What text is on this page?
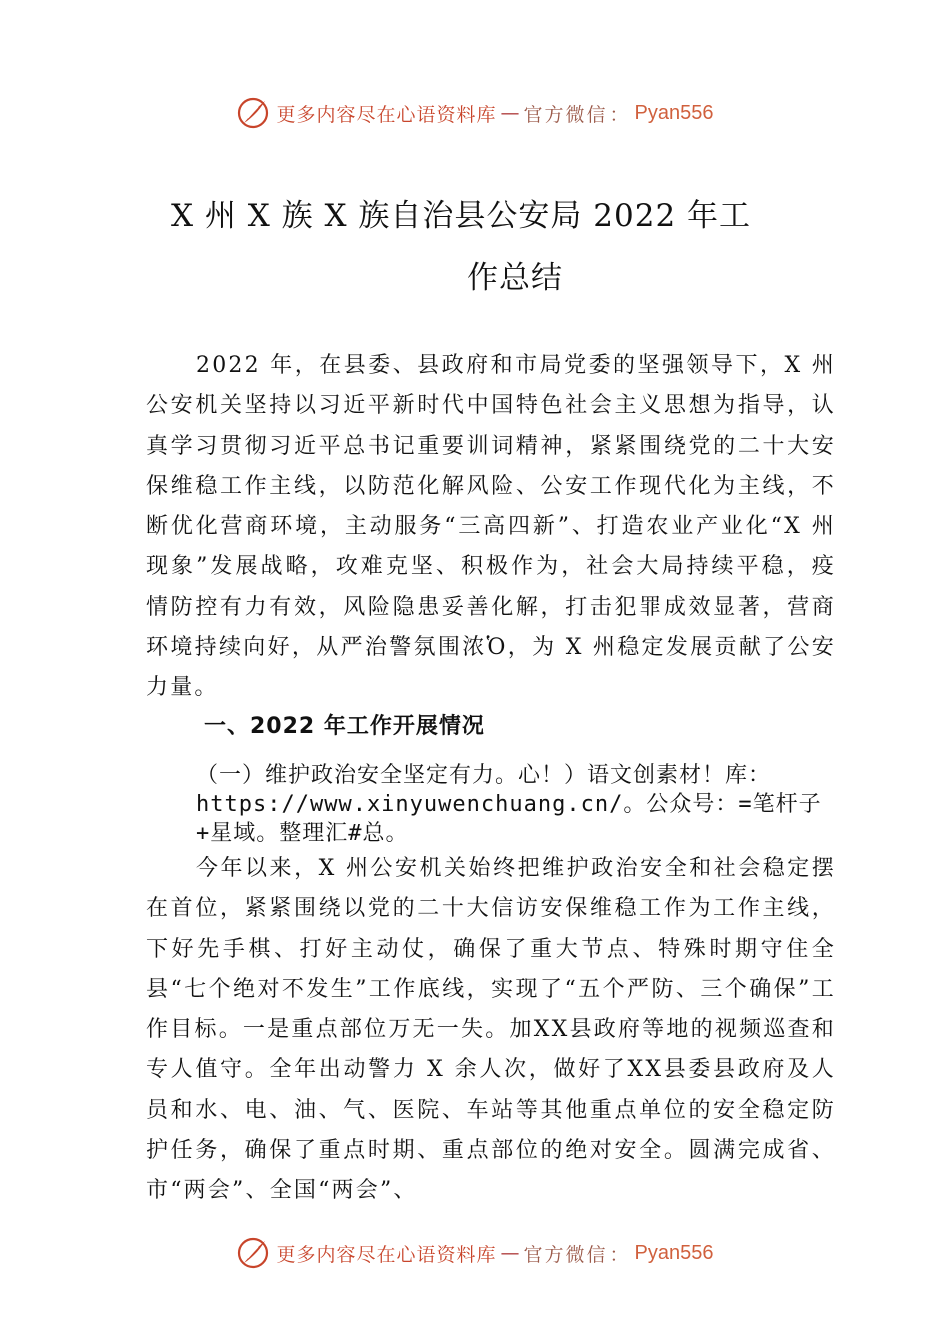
更多内容尽在心语资料库 — 官方微信 ： Pyan556
X 州 X 族 X 族自治县公安局 2022 年工
作总结
2022 年，在县委、县政府和市局党委的坚强领导下，X 州公安机关坚持以习近平新时代中国特色社会主义思想为指导，认真学习贯彻习近平总书记重要训词精神，紧紧围绕党的二十大安保维稳工作主线，以防范化解风险、公安工作现代化为主线，不断优化营商环境，主动服务“三高四新”、打造农业产业化“X 州现象”发展战略，攻难克坚、积极作为，社会大局持续平稳，疫情防控有力有效，风险隐患妥善化解，打击犯罪成效显著，营商环境持续向好，从严治警氛围浓Ὁ，为 X 州稳定发展贡献了公安力量。
一、2022 年工作开展情况
（一）维护政治安全坚定有力。心！）语文创素材！库：https://www.xinyuwenchuang.cn/。公众号：=笔杆子+星域。整理汇#总。
今年以来，X 州公安机关始终把维护政治安全和社会稳定摆在首位，紧紧围绕以党的二十大信访安保维稳工作为工作主线，下好先手棋、打好主动仗，确保了重大节点、特殊时期守住全县“七个绝对不发生”工作底线，实现了“五个严防、三个确保”工作目标。一是重点部位万无一失。加XX县政府等地的视频巡查和专人值守。全年出动警力 X 余人次，做好了XX县委县政府及人员和水、电、油、气、医院、车站等其他重点单位的安全稳定防护任务，确保了重点时期、重点部位的绝对安全。圆满完成省、市“两会”、全国“两会”、
更多内容尽在心语资料库 — 官方微信 ： Pyan556
